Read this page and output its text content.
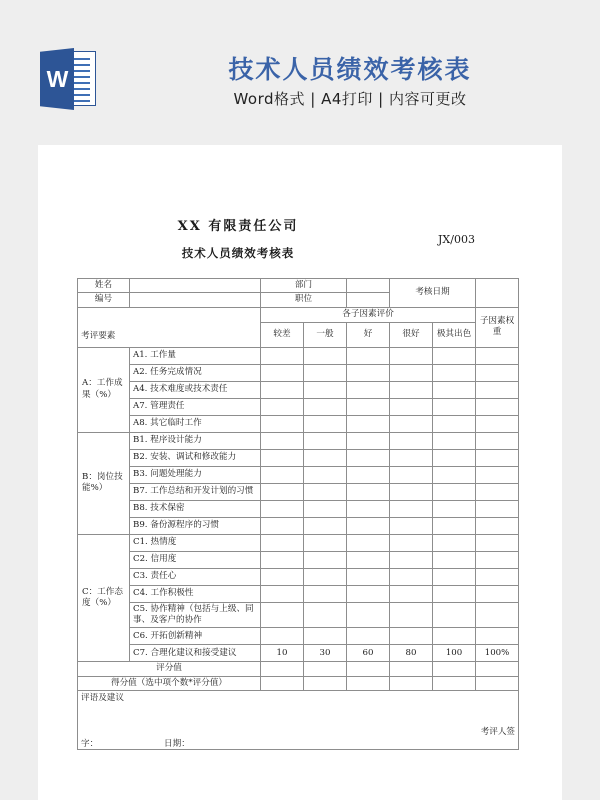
W	技术人员绩效考核表
Word格式 | A4打印 | 内容可更改
XX 有限责任公司
技术人员绩效考核表
JX/003
姓名		部门			考核日期		
编号		职位					
考评要素		各子因素评价					子因素权重
		较差	一般	好	很好	极其出色	
A：工作成果（%）	A1. 工作量						
	A2. 任务完成情况						
	A4. 技术难度或技术责任						
	A7. 管理责任						
	A8. 其它临时工作						
B：岗位技能%）	B1. 程序设计能力						
	B2. 安装、调试和修改能力						
	B3. 问题处理能力						
	B7. 工作总结和开发计划的习惯						
	B8. 技术保密						
	B9. 备份源程序的习惯						
C：工作态度（%）	C1. 热情度						
	C2. 信用度						
	C3. 责任心						
	C4. 工作积极性						
	C5. 协作精神（包括与上级、同事、及客户的协作						
	C6. 开拓创新精神						
	C7. 合理化建议和接受建议	10	30	60	80	100	100%
评分值							
得分值（选中项个数*评分值）							

评语及建议
考评人签
字： 日期：							
